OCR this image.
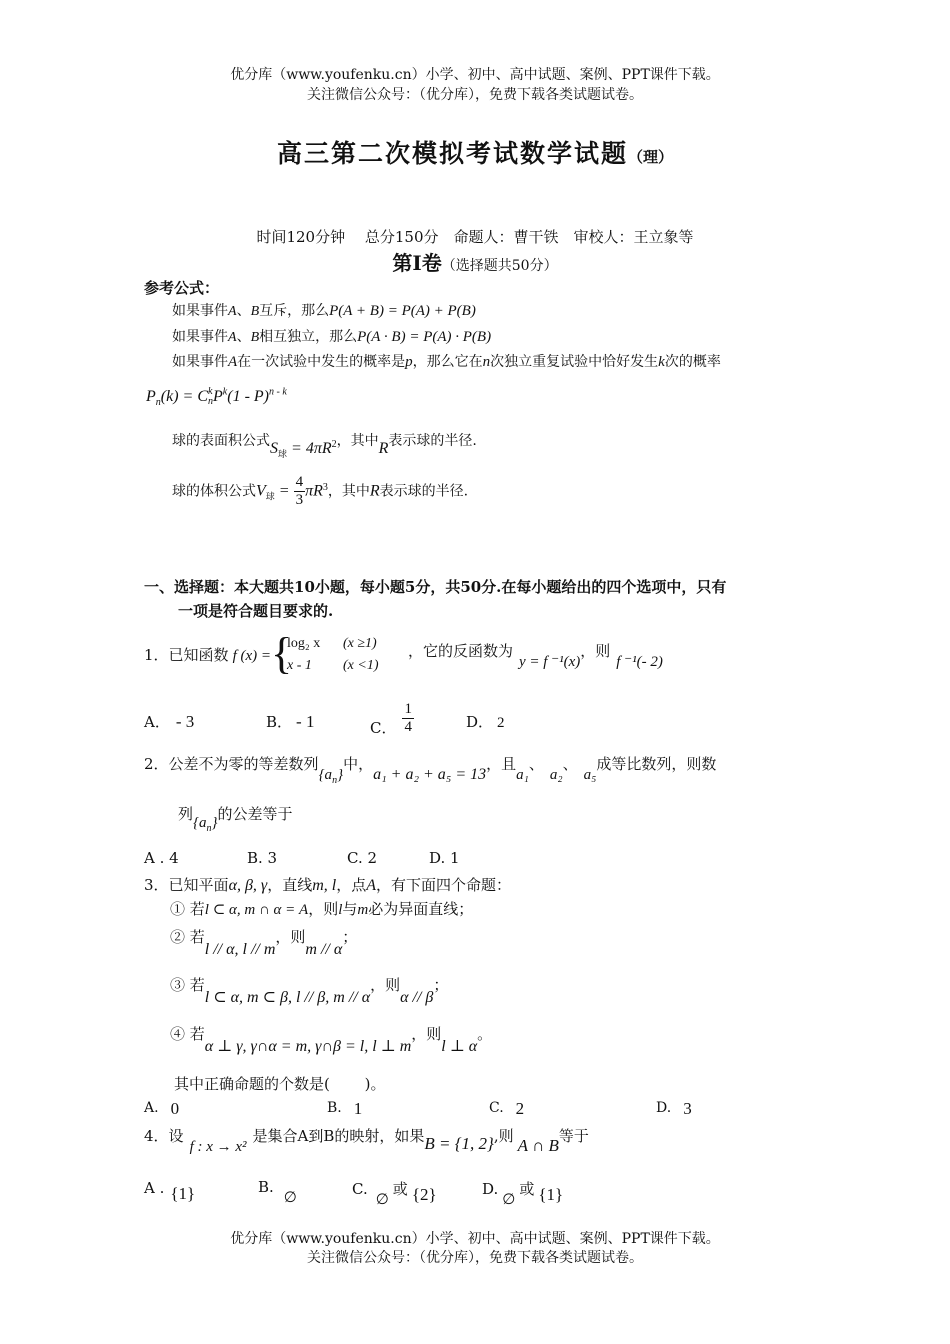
优分库（www.youfenku.cn）小学、初中、高中试题、案例、PPT课件下载。
关注微信公众号：（优分库），免费下载各类试题试卷。
高三第二次模拟考试数学试题（理）
时间120分钟　 总分150分　命题人：曹干铁　审校人：王立象等
第Ⅰ卷（选择题共50分）
参考公式：
如果事件A、B互斥，那么P(A + B) = P(A) + P(B)
如果事件A、B相互独立，那么P(A · B) = P(A) · P(B)
如果事件A在一次试验中发生的概率是p，那么它在n次独立重复试验中恰好发生k次的概率
$P_n(k) = C$ k
n $P^k(1 - P)^{n - k}$
球的表面积公式$S_球 = 4\pi R^2$，其中R表示球的半径.
球的体积公式$V_球 = \frac{4}{3} \pi R^3$，其中R表示球的半径.
一、选择题：本大题共10小题，每小题5分，共50分.在每小题给出的四个选项中，只有
一项是符合题目要求的.
1．已知函数 f (x) = {
log₂ x (x ≥1)
x - 1 (x <1)
，它的反函数为y = f ⁻¹(x)，则f ⁻¹(- 2)
A． - 3	B． - 1	C． $\frac{1}{4}$	D． 2
2．公差不为零的等差数列$\{a_n\}$中，a₁ + a₂ + a₅ = 13，且a₁、a₂、a₅成等比数列，则数
列$\{a_n\}$的公差等于
A . 4	B. 3	C. 2	D. 1
3．已知平面α, β, γ，直线m, l，点A，有下面四个命题：
① 若l ⊂ α, m ∩ α = A，则l与m必为异面直线；
② 若l // α, l // m，则m // α；
③ 若l ⊂ α, m ⊂ β, l // β, m // α，则α // β；
④ 若α ⊥ γ, γ∩α = m, γ∩β = l, l ⊥ m，则l ⊥ α。
其中正确命题的个数是(　　 )。
A. 0	B. 1	C. 2	D. 3
4．设f : x → x²是集合A到B的映射，如果B = {1, 2},则 A ∩ B等于
A . {1}	B.∅	C.∅或 {2}	D.∅或 {1}
优分库（www.youfenku.cn）小学、初中、高中试题、案例、PPT课件下载。
关注微信公众号：（优分库），免费下载各类试题试卷。
